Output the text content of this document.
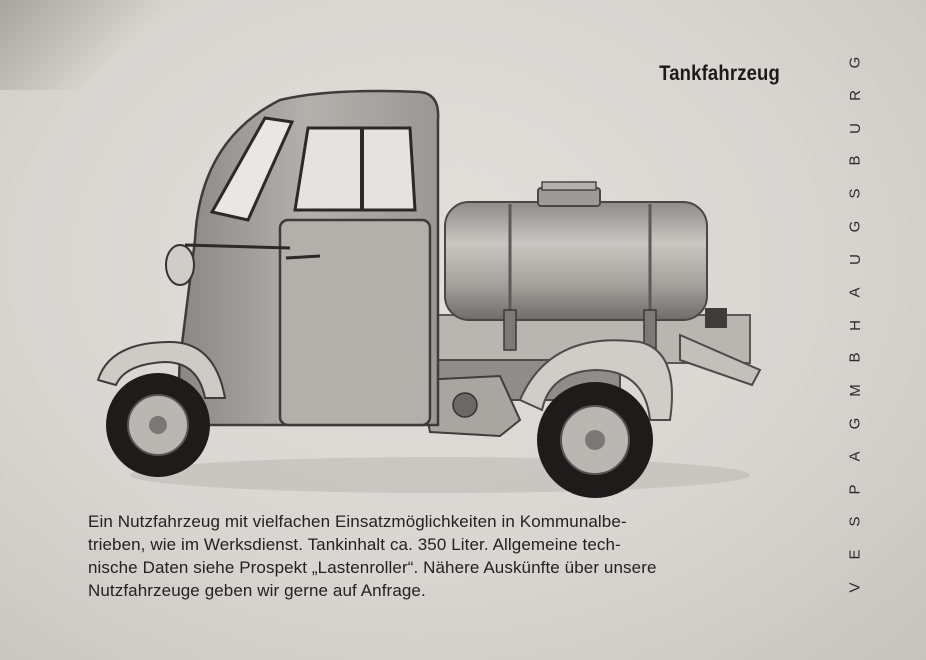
Tankfahrzeug
Ein Nutzfahrzeug mit vielfachen Einsatzmöglichkeiten in Kommunalbe-
trieben, wie im Werksdienst. Tankinhalt ca. 350 Liter. Allgemeine tech-
nische Daten siehe Prospekt „Lastenroller“. Nähere Auskünfte über unsere
Nutzfahrzeuge geben wir gerne auf Anfrage.
G
R
U
B
S
G
U
A
H
B
M
G
A
P
S
E
V
